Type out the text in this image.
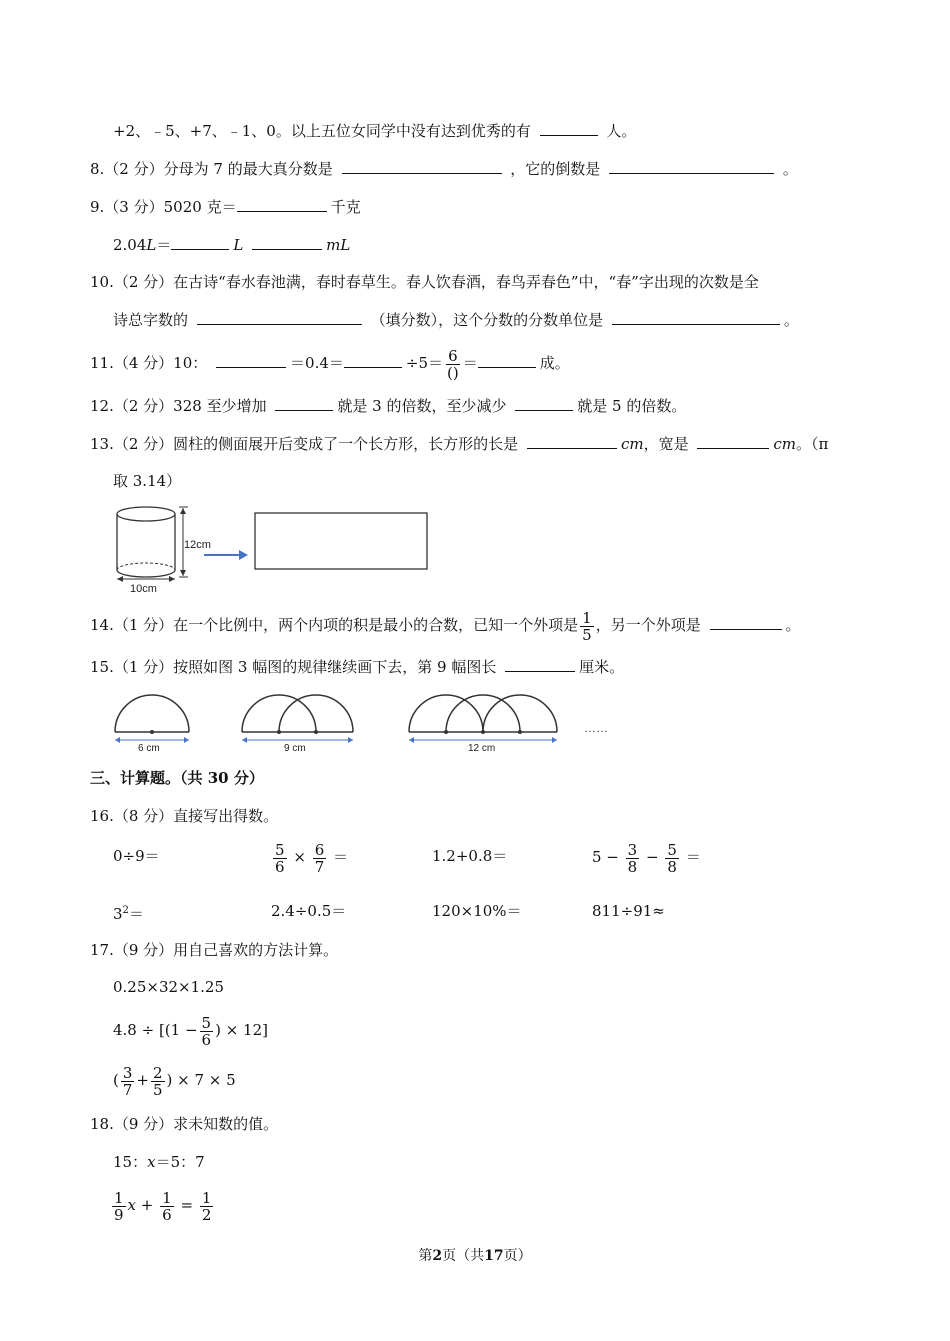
+2、﹣5、+7、﹣1、0。以上五位女同学中没有达到优秀的有	人。
8.（2 分）分母为 7 的最大真分数是	，它的倒数是	。
9.（3 分）5020 克＝	千克
2.04L＝	L	mL
10.（2 分）在古诗“春水春池满，春时春草生。春人饮春酒，春鸟弄春色”中，“春”字出现的次数是全
诗总字数的	（填分数），这个分数的分数单位是	。
11.（4 分）10：	＝0.4＝	$\div 5= \frac{6}{()}$ ＝	成。
12.（2 分）328 至少增加	就是 3 的倍数，至少减少	就是 5 的倍数。
13.（2 分）圆柱的侧面展开后变成了一个长方形，长方形的长是	cm，宽是	cm。（π
取 3.14）
12cm
10cm
14.（1 分）在一个比例中，两个内项的积是最小的合数，已知一个外项是 $\frac{1}{5}$ ，另一个外项是	。
15.（1 分）按照如图 3 幅图的规律继续画下去，第 9 幅图长	厘米。
6 cm	9 cm	12 cm
……
三、计算题。（共 30 分）
16.（8 分）直接写出得数。
0÷9＝	$\frac{5}{6} \times \frac{6}{7}$ ＝	1.2+0.8＝	$5 - \frac{3}{8} - \frac{5}{8}$ ＝
$3^2=$	2.4÷0.5＝	120×10%＝	811÷91≈
17.（9 分）用自己喜欢的方法计算。
0.25×32×1.25
$4.8 \div [(1 - \frac{5}{6}$ ) × 12]
( $\frac{3}{7} + \frac{2}{5}$ ) × 7 × 5
18.（9 分）求未知数的值。
15：x＝5：7
$\frac{1}{9}$ $x + \frac{1}{6} = \frac{1}{2}$
第2页（共17页）
